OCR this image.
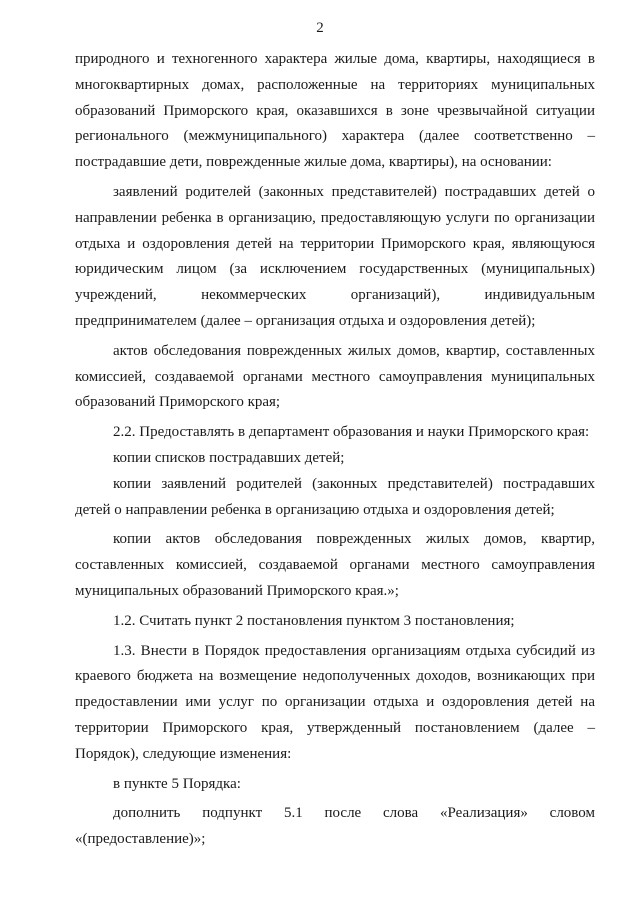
2

природного и техногенного характера жилые дома, квартиры, находящиеся в многоквартирных домах, расположенные на территориях муниципальных образований Приморского края, оказавшихся в зоне чрезвычайной ситуации регионального (межмуниципального) характера (далее соответственно – пострадавшие дети, поврежденные жилые дома, квартиры), на основании:

заявлений родителей (законных представителей) пострадавших детей о направлении ребенка в организацию, предоставляющую услуги по организации отдыха и оздоровления детей на территории Приморского края, являющуюся юридическим лицом (за исключением государственных (муниципальных) учреждений, некоммерческих организаций), индивидуальным предпринимателем (далее – организация отдыха и оздоровления детей);

актов обследования поврежденных жилых домов, квартир, составленных комиссией, создаваемой органами местного самоуправления муниципальных образований Приморского края;

2.2. Предоставлять в департамент образования и науки Приморского края:

копии списков пострадавших детей;

копии заявлений родителей (законных представителей) пострадавших детей о направлении ребенка в организацию отдыха и оздоровления детей;

копии актов обследования поврежденных жилых домов, квартир, составленных комиссией, создаваемой органами местного самоуправления муниципальных образований Приморского края.»;

1.2. Считать пункт 2 постановления пунктом 3 постановления;

1.3. Внести в Порядок предоставления организациям отдыха субсидий из краевого бюджета на возмещение недополученных доходов, возникающих при предоставлении ими услуг по организации отдыха и оздоровления детей на территории Приморского края, утвержденный постановлением (далее – Порядок), следующие изменения:

в пункте 5 Порядка:

дополнить подпункт 5.1 после слова «Реализация» словом «(предоставление)»;
